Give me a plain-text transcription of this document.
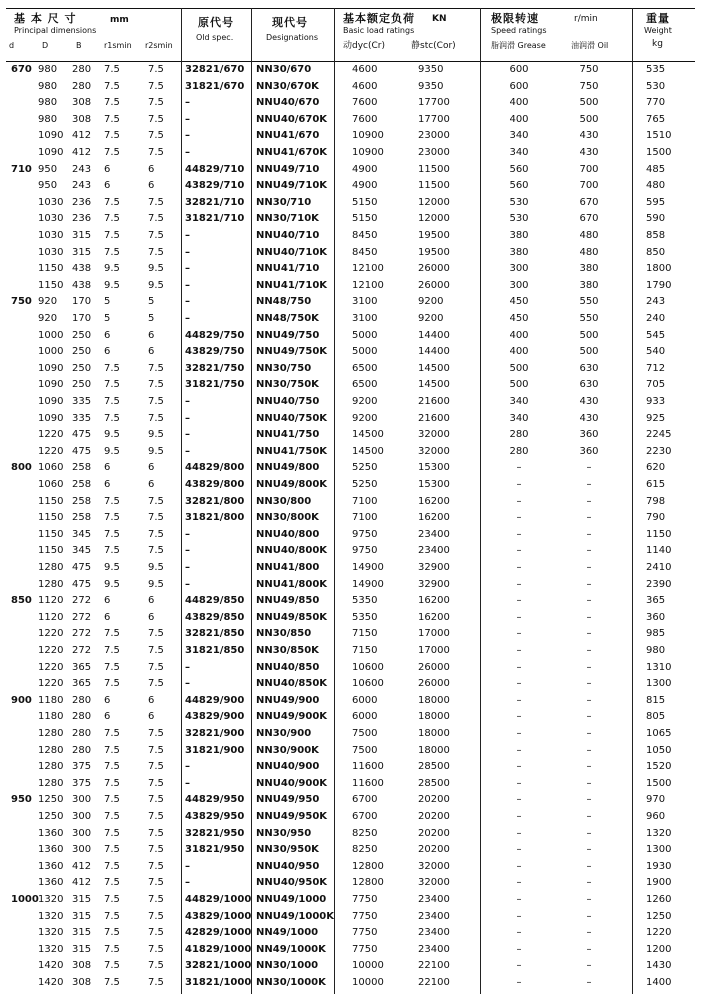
基 本 尺 寸	mm
Principal dimensions
d	D	B	r1smin r2smin
原代号
Old spec.
现代号
Designations
基本额定负荷 KN
Basic load ratings
动dyc(Cr)	静stc(Cor)
极限转速	r/min
Speed ratings
脂润滑 Grease	油润滑 Oil
重量
Weight
kg
670 980 280 7.5	7.5 32821/670 NN30/670	4600	9350	600	750	535
980 280 7.5	7.5 31821/670 NN30/670K	4600	9350	600	750	530
980 308 7.5	7.5 –	NNU40/670	7600	17700	400	500	770
980 308 7.5	7.5 –	NNU40/670K 7600	17700	400	500	765
1090 412 7.5	7.5 –	NNU41/670	10900	23000	340	430	1510
1090 412 7.5	7.5 –	NNU41/670K 10900	23000	340	430	1500
710 950 243 6	6	44829/710 NNU49/710	4900	11500	560	700	485
950 243 6	6	43829/710 NNU49/710K 4900	11500	560	700	480
1030 236 7.5	7.5 32821/710 NN30/710	5150	12000	530	670	595
1030 236 7.5	7.5 31821/710 NN30/710K	5150	12000	530	670	590
1030 315 7.5	7.5 –	NNU40/710	8450	19500	380	480	858
1030 315 7.5	7.5 –	NNU40/710K 8450	19500	380	480	850
1150 438 9.5	9.5 –	NNU41/710	12100	26000	300	380	1800
1150 438 9.5	9.5 –	NNU41/710K 12100	26000	300	380	1790
750 920 170 5	5	–	NN48/750	3100	9200	450	550	243
920 170 5	5	–	NN48/750K	3100	9200	450	550	240
1000 250 6	6	44829/750 NNU49/750	5000	14400	400	500	545
1000 250 6	6	43829/750 NNU49/750K 5000	14400	400	500	540
1090 250 7.5	7.5 32821/750 NN30/750	6500	14500	500	630	712
1090 250 7.5	7.5 31821/750 NN30/750K	6500	14500	500	630	705
1090 335 7.5	7.5 –	NNU40/750	9200	21600	340	430	933
1090 335 7.5	7.5 –	NNU40/750K 9200	21600	340	430	925
1220 475 9.5	9.5 –	NNU41/750	14500	32000	280	360	2245
1220 475 9.5	9.5 –	NNU41/750K 14500	32000	280	360	2230
800 1060 258 6	6	44829/800 NNU49/800	5250	15300	–	–	620
1060 258 6	6	43829/800 NNU49/800K 5250	15300	–	–	615
1150 258 7.5	7.5 32821/800 NN30/800	7100	16200	–	–	798
1150 258 7.5	7.5 31821/800 NN30/800K	7100	16200	–	–	790
1150 345 7.5	7.5 –	NNU40/800	9750	23400	–	–	1150
1150 345 7.5	7.5 –	NNU40/800K 9750	23400	–	–	1140
1280 475 9.5	9.5 –	NNU41/800	14900	32900	–	–	2410
1280 475 9.5	9.5 –	NNU41/800K 14900	32900	–	–	2390
850 1120 272 6	6	44829/850 NNU49/850	5350	16200	–	–	365
1120 272 6	6	43829/850 NNU49/850K 5350	16200	–	–	360
1220 272 7.5	7.5 32821/850 NN30/850	7150	17000	–	–	985
1220 272 7.5	7.5 31821/850 NN30/850K	7150	17000	–	–	980
1220 365 7.5	7.5 –	NNU40/850	10600	26000	–	–	1310
1220 365 7.5	7.5 –	NNU40/850K 10600	26000	–	–	1300
900 1180 280 6	6	44829/900 NNU49/900	6000	18000	–	–	815
1180 280 6	6	43829/900 NNU49/900K 6000	18000	–	–	805
1280 280 7.5	7.5 32821/900 NN30/900	7500	18000	–	–	1065
1280 280 7.5	7.5 31821/900 NN30/900K	7500	18000	–	–	1050
1280 375 7.5	7.5 –	NNU40/900	11600	28500	–	–	1520
1280 375 7.5	7.5 –	NNU40/900K 11600	28500	–	–	1500
950 1250 300 7.5	7.5 44829/950 NNU49/950	6700	20200	–	–	970
1250 300 7.5	7.5 43829/950 NNU49/950K 6700	20200	–	–	960
1360 300 7.5	7.5 32821/950 NN30/950	8250	20200	–	–	1320
1360 300 7.5	7.5 31821/950 NN30/950K	8250	20200	–	–	1300
1360 412 7.5	7.5 –	NNU40/950	12800	32000	–	–	1930
1360 412 7.5	7.5 –	NNU40/950K 12800	32000	–	–	1900
1000 1320 315 7.5	7.5 44829/1000 NNU49/1000	7750	23400	–	–	1260
1320 315 7.5	7.5 43829/1000 NNU49/1000K 7750	23400	–	–	1250
1320 315 7.5	7.5 42829/1000 NN49/1000	7750	23400	–	–	1220
1320 315 7.5	7.5 41829/1000 NN49/1000K	7750	23400	–	–	1200
1420 308 7.5	7.5 32821/1000 NN30/1000	10000	22100	–	–	1430
1420 308 7.5	7.5 31821/1000 NN30/1000K	10000	22100	–	–	1400
